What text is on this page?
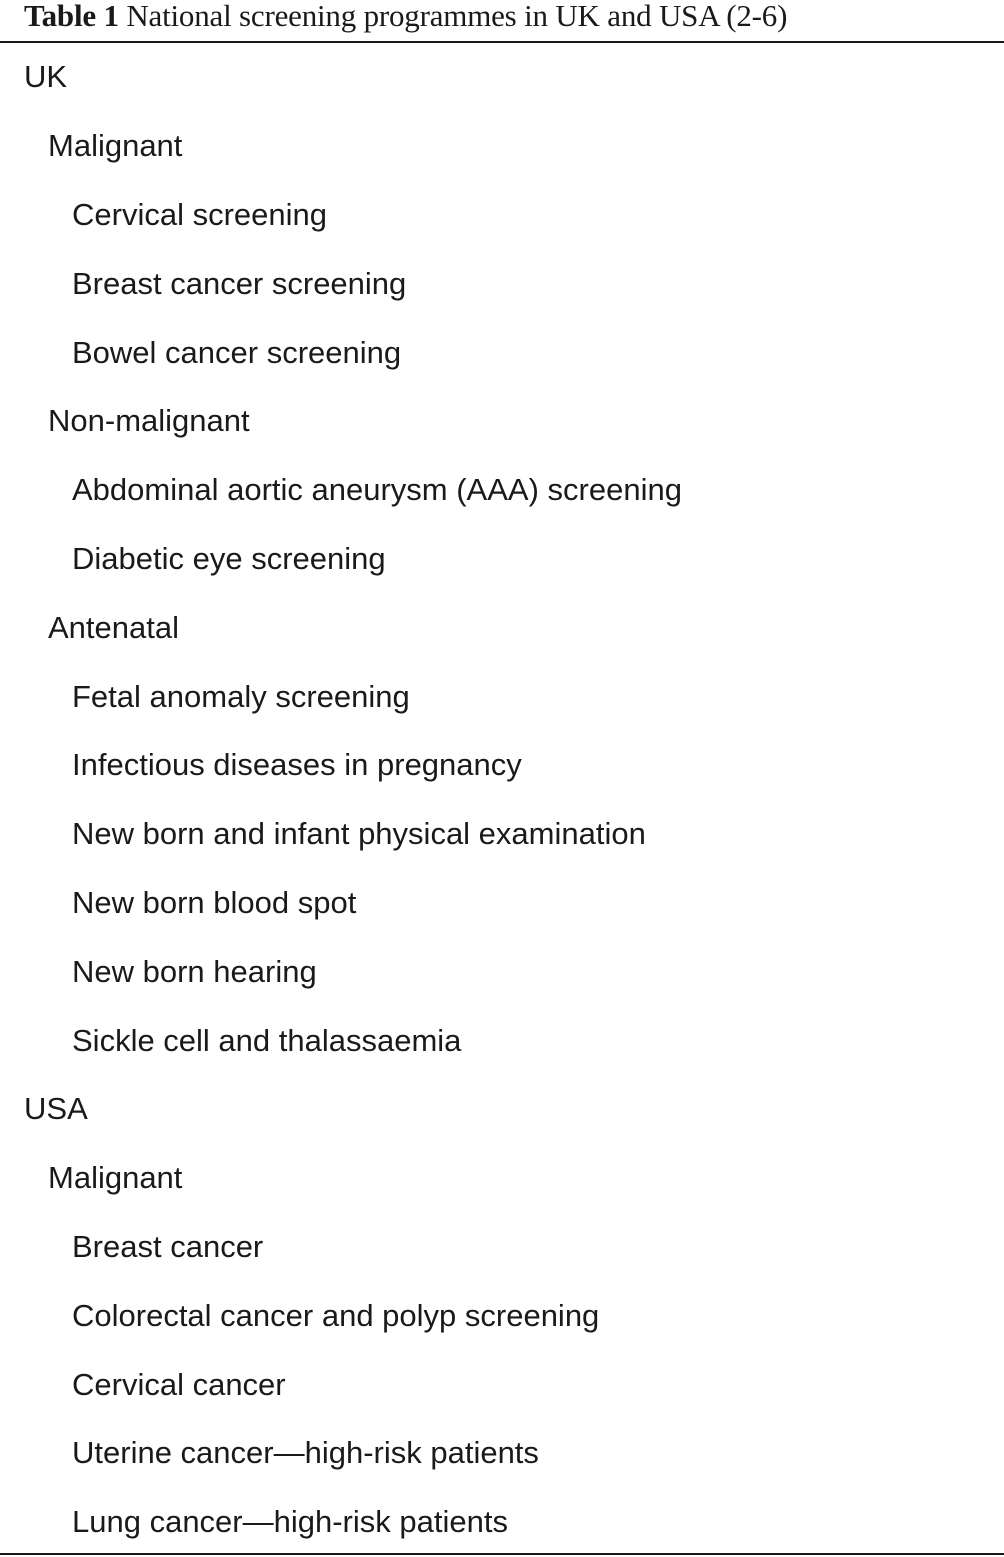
Table 1 National screening programmes in UK and USA (2-6)
UK
Malignant
Cervical screening
Breast cancer screening
Bowel cancer screening
Non-malignant
Abdominal aortic aneurysm (AAA) screening
Diabetic eye screening
Antenatal
Fetal anomaly screening
Infectious diseases in pregnancy
New born and infant physical examination
New born blood spot
New born hearing
Sickle cell and thalassaemia
USA
Malignant
Breast cancer
Colorectal cancer and polyp screening
Cervical cancer
Uterine cancer—high-risk patients
Lung cancer—high-risk patients
